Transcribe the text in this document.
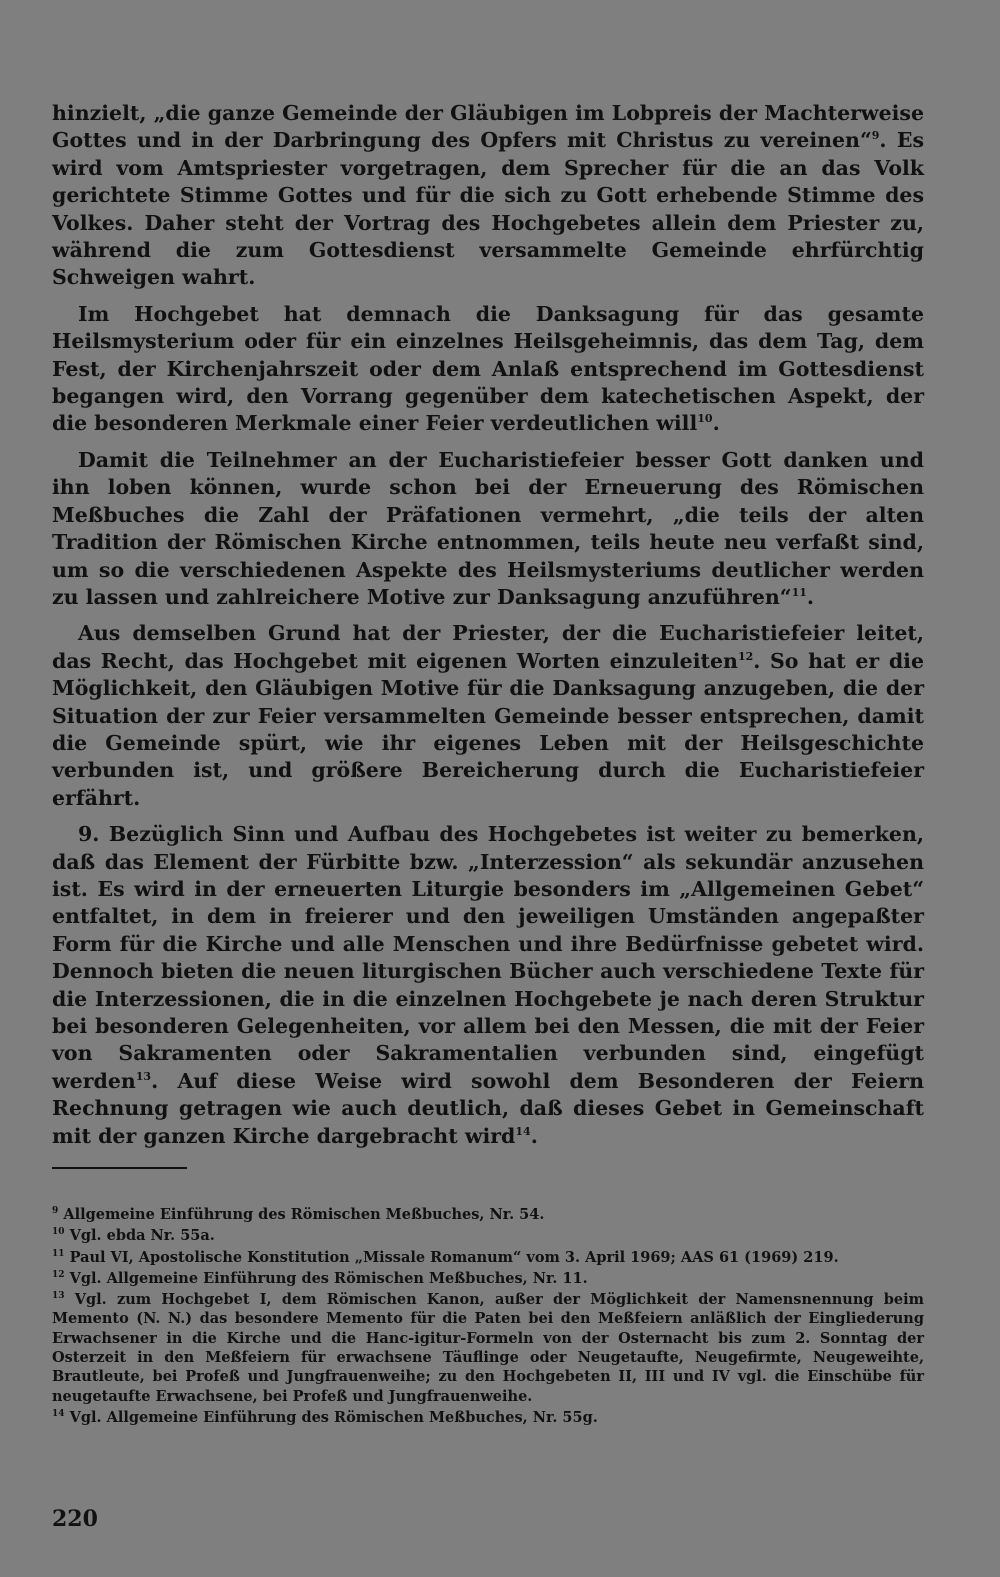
hinzielt, „die ganze Gemeinde der Gläubigen im Lobpreis der Machterweise Gottes und in der Darbringung des Opfers mit Christus zu vereinen“$^9$. Es wird vom Amtspriester vorgetragen, dem Sprecher für die an das Volk gerichtete Stimme Gottes und für die sich zu Gott erhebende Stimme des Volkes. Daher steht der Vortrag des Hochgebetes allein dem Priester zu, während die zum Gottesdienst versammelte Gemeinde ehrfürchtig Schweigen wahrt.

Im Hochgebet hat demnach die Danksagung für das gesamte Heilsmysterium oder für ein einzelnes Heilsgeheimnis, das dem Tag, dem Fest, der Kirchenjahrszeit oder dem Anlaß entsprechend im Gottesdienst begangen wird, den Vorrang gegenüber dem katechetischen Aspekt, der die besonderen Merkmale einer Feier verdeutlichen will$^{10}$.

Damit die Teilnehmer an der Eucharistiefeier besser Gott danken und ihn loben können, wurde schon bei der Erneuerung des Römischen Meßbuches die Zahl der Präfationen vermehrt, „die teils der alten Tradition der Römischen Kirche entnommen, teils heute neu verfaßt sind, um so die verschiedenen Aspekte des Heilsmysteriums deutlicher werden zu lassen und zahlreichere Motive zur Danksagung anzuführen“$^{11}$.

Aus demselben Grund hat der Priester, der die Eucharistiefeier leitet, das Recht, das Hochgebet mit eigenen Worten einzuleiten$^{12}$. So hat er die Möglichkeit, den Gläubigen Motive für die Danksagung anzugeben, die der Situation der zur Feier versammelten Gemeinde besser entsprechen, damit die Gemeinde spürt, wie ihr eigenes Leben mit der Heilsgeschichte verbunden ist, und größere Bereicherung durch die Eucharistiefeier erfährt.

9. Bezüglich Sinn und Aufbau des Hochgebetes ist weiter zu bemerken, daß das Element der Fürbitte bzw. „Interzession“ als sekundär anzusehen ist. Es wird in der erneuerten Liturgie besonders im „Allgemeinen Gebet“ entfaltet, in dem in freierer und den jeweiligen Umständen angepaßter Form für die Kirche und alle Menschen und ihre Bedürfnisse gebetet wird. Dennoch bieten die neuen liturgischen Bücher auch verschiedene Texte für die Interzessionen, die in die einzelnen Hochgebete je nach deren Struktur bei besonderen Gelegenheiten, vor allem bei den Messen, die mit der Feier von Sakramenten oder Sakramentalien verbunden sind, eingefügt werden$^{13}$. Auf diese Weise wird sowohl dem Besonderen der Feiern Rechnung getragen wie auch deutlich, daß dieses Gebet in Gemeinschaft mit der ganzen Kirche dargebracht wird$^{14}$.

$^9$ Allgemeine Einführung des Römischen Meßbuches, Nr. 54.

$^{10}$ Vgl. ebda Nr. 55a.

$^{11}$ Paul VI, Apostolische Konstitution „Missale Romanum“ vom 3. April 1969; AAS 61 (1969) 219.

$^{12}$ Vgl. Allgemeine Einführung des Römischen Meßbuches, Nr. 11.

$^{13}$ Vgl. zum Hochgebet I, dem Römischen Kanon, außer der Möglichkeit der Namensnennung beim Memento (N. N.) das besondere Memento für die Paten bei den Meßfeiern anläßlich der Eingliederung Erwachsener in die Kirche und die Hanc-igitur-Formeln von der Osternacht bis zum 2. Sonntag der Osterzeit in den Meßfeiern für erwachsene Täuflinge oder Neugetaufte, Neugefirmte, Neugeweihte, Brautleute, bei Profeß und Jungfrauenweihe; zu den Hochgebeten II, III und IV vgl. die Einschübe für neugetaufte Erwachsene, bei Profeß und Jungfrauenweihe.

$^{14}$ Vgl. Allgemeine Einführung des Römischen Meßbuches, Nr. 55g.

220
